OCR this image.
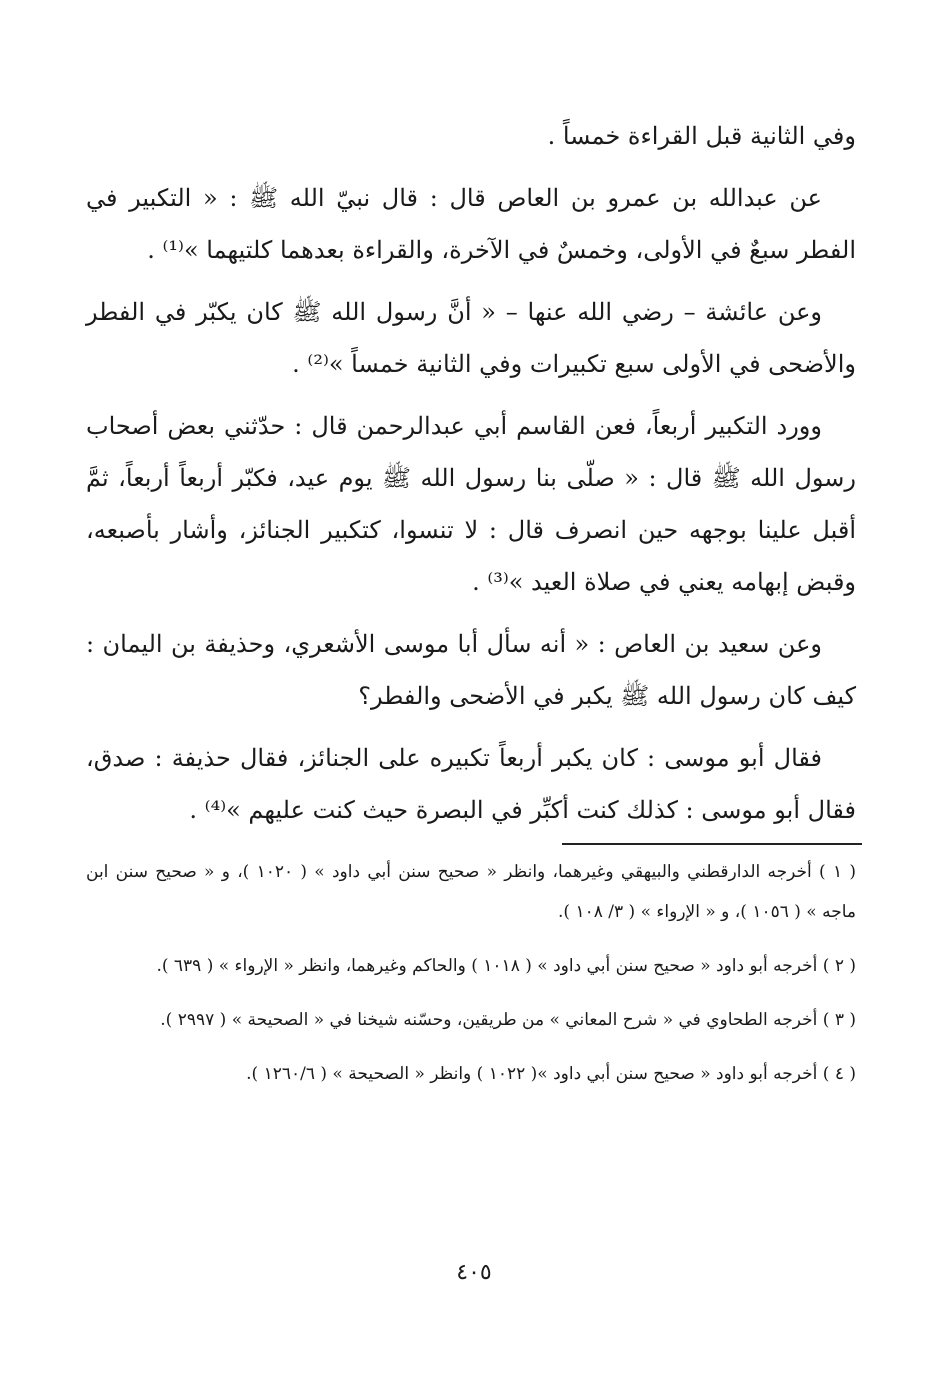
وفي الثانية قبل القراءة خمساً .

عن عبدالله بن عمرو بن العاص قال : قال نبيّ الله ﷺ : « التكبير في الفطر سبعٌ في الأولى، وخمسٌ في الآخرة، والقراءة بعدهما كلتيهما »⁽¹⁾ .

وعن عائشة – رضي الله عنها – « أنَّ رسول الله ﷺ كان يكبّر في الفطر والأضحى في الأولى سبع تكبيرات وفي الثانية خمساً »⁽²⁾ .

وورد التكبير أربعاً، فعن القاسم أبي عبدالرحمن قال : حدّثني بعض أصحاب رسول الله ﷺ قال : « صلّى بنا رسول الله ﷺ يوم عيد، فكبّر أربعاً أربعاً، ثمَّ أقبل علينا بوجهه حين انصرف قال : لا تنسوا، كتكبير الجنائز، وأشار بأصبعه، وقبض إبهامه يعني في صلاة العيد »⁽³⁾ .

وعن سعيد بن العاص : « أنه سأل أبا موسى الأشعري، وحذيفة بن اليمان : كيف كان رسول الله ﷺ يكبر في الأضحى والفطر؟

فقال أبو موسى : كان يكبر أربعاً تكبيره على الجنائز، فقال حذيفة : صدق، فقال أبو موسى : كذلك كنت أكبِّر في البصرة حيث كنت عليهم »⁽⁴⁾ .

( ١ ) أخرجه الدارقطني والبيهقي وغيرهما، وانظر « صحيح سنن أبي داود » ( ١٠٢٠ )، و « صحيح سنن ابن ماجه » ( ١٠٥٦ )، و « الإرواء » ( ٣/ ١٠٨ ).

( ٢ ) أخرجه أبو داود « صحيح سنن أبي داود » ( ١٠١٨ ) والحاكم وغيرهما، وانظر « الإرواء » ( ٦٣٩ ).

( ٣ ) أخرجه الطحاوي في « شرح المعاني » من طريقين، وحسّنه شيخنا في « الصحيحة » ( ٢٩٩٧ ).

( ٤ ) أخرجه أبو داود « صحيح سنن أبي داود »( ١٠٢٢ ) وانظر « الصحيحة » ( ١٢٦٠/٦ ).

٤٠٥
